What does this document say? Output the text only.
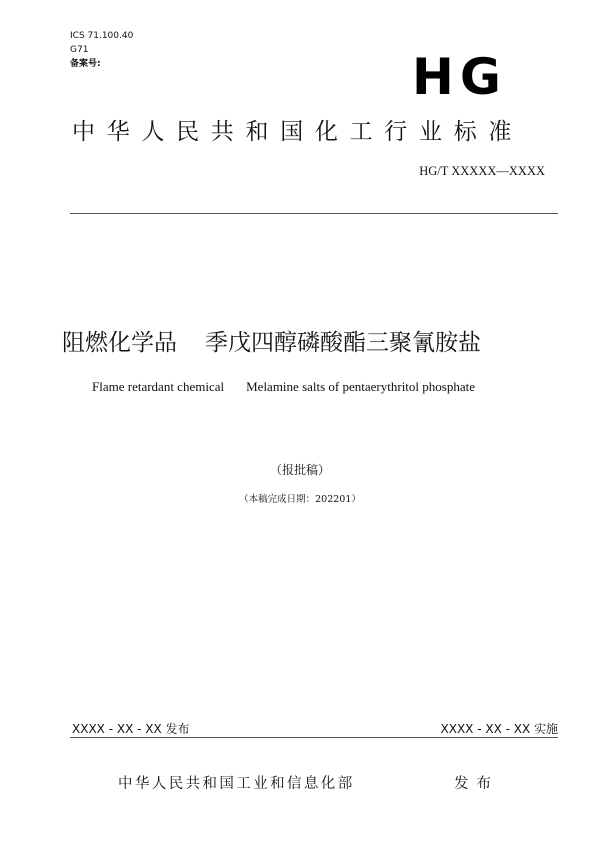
ICS 71.100.40
G71
备案号:	HG
中华人民共和国化工行业标准
HG/T XXXXX—XXXX
阻燃化学品 季戊四醇磷酸酯三聚氰胺盐
Flame retardant chemical Melamine salts of pentaerythritol phosphate
（报批稿）
（本稿完成日期：202201）
XXXX - XX - XX 发布	XXXX - XX - XX 实施
中华人民共和国工业和信息化部	发布
